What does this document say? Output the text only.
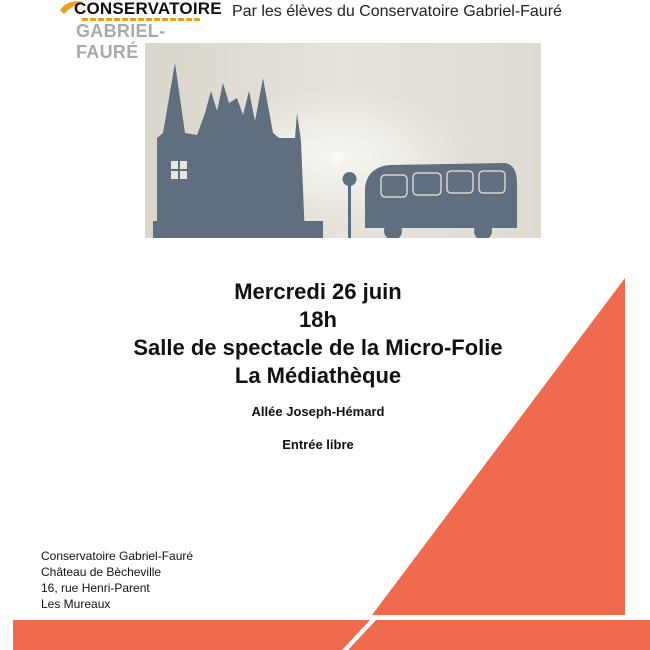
CONSERVATOIRE
GABRIEL-FAURÉ
Par les élèves du Conservatoire Gabriel-Fauré
Mercredi 26 juin
18h
Salle de spectacle de la Micro-Folie
La Médiathèque
Allée Joseph-Hémard
Entrée libre
Conservatoire Gabriel-Fauré
Château de Bècheville
16, rue Henri-Parent
Les Mureaux
